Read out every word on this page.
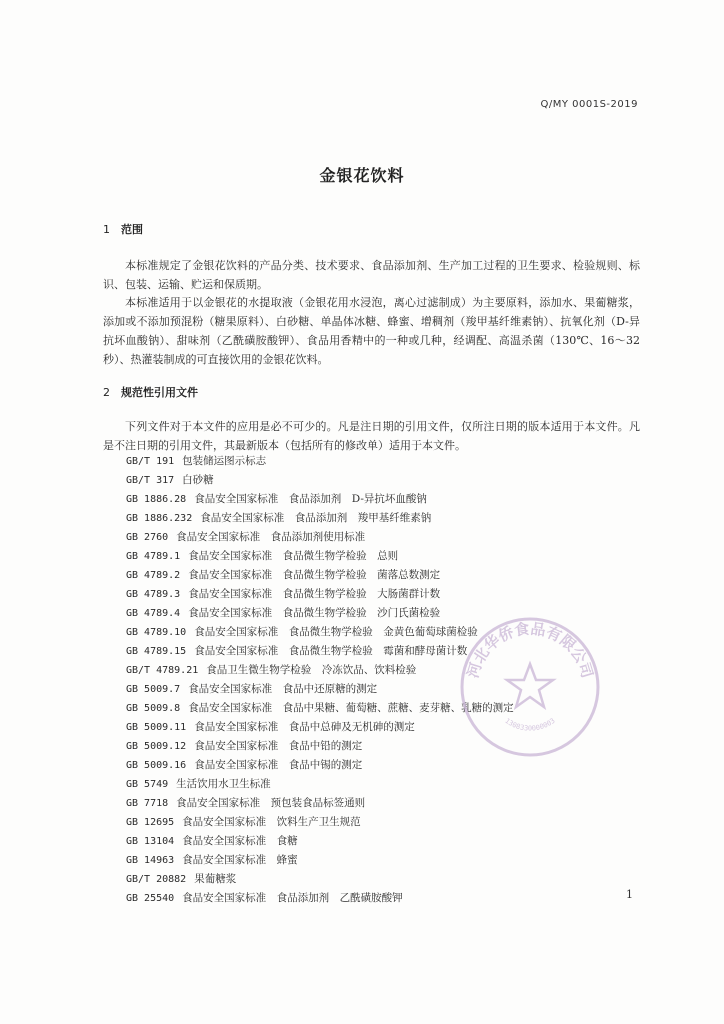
Q/MY 0001S-2019
金银花饮料
1 范围

本标准规定了金银花饮料的产品分类、技术要求、食品添加剂、生产加工过程的卫生要求、检验规则、标识、包装、运输、贮运和保质期。

本标准适用于以金银花的水提取液（金银花用水浸泡，离心过滤制成）为主要原料，添加水、果葡糖浆，添加或不添加预混粉（糖果原料）、白砂糖、单晶体冰糖、蜂蜜、增稠剂（羧甲基纤维素钠）、抗氧化剂（D-异抗坏血酸钠）、甜味剂（乙酰磺胺酸钾）、食品用香精中的一种或几种，经调配、高温杀菌（130℃、16～32秒）、热灌装制成的可直接饮用的金银花饮料。

2 规范性引用文件

下列文件对于本文件的应用是必不可少的。凡是注日期的引用文件，仅所注日期的版本适用于本文件。凡是不注日期的引用文件，其最新版本（包括所有的修改单）适用于本文件。

GB/T 191 包装储运图示标志
GB/T 317 白砂糖
GB 1886.28 食品安全国家标准　食品添加剂　D-异抗坏血酸钠
GB 1886.232 食品安全国家标准　食品添加剂　羧甲基纤维素钠
GB 2760 食品安全国家标准　食品添加剂使用标准
GB 4789.1 食品安全国家标准　食品微生物学检验　总则
GB 4789.2 食品安全国家标准　食品微生物学检验　菌落总数测定
GB 4789.3 食品安全国家标准　食品微生物学检验　大肠菌群计数
GB 4789.4 食品安全国家标准　食品微生物学检验　沙门氏菌检验
GB 4789.10 食品安全国家标准　食品微生物学检验　金黄色葡萄球菌检验
GB 4789.15 食品安全国家标准　食品微生物学检验　霉菌和酵母菌计数
GB/T 4789.21 食品卫生微生物学检验　冷冻饮品、饮料检验
GB 5009.7 食品安全国家标准　食品中还原糖的测定
GB 5009.8 食品安全国家标准　食品中果糖、葡萄糖、蔗糖、麦芽糖、乳糖的测定
GB 5009.11 食品安全国家标准　食品中总砷及无机砷的测定
GB 5009.12 食品安全国家标准　食品中铅的测定
GB 5009.16 食品安全国家标准　食品中锡的测定
GB 5749 生活饮用水卫生标准
GB 7718 食品安全国家标准　预包装食品标签通则
GB 12695 食品安全国家标准　饮料生产卫生规范
GB 13104 食品安全国家标准　食糖
GB 14963 食品安全国家标准　蜂蜜
GB/T 20882 果葡糖浆
GB 25540 食品安全国家标准　食品添加剂　乙酰磺胺酸钾
河北华侨食品有限公司
1308330000003
1
